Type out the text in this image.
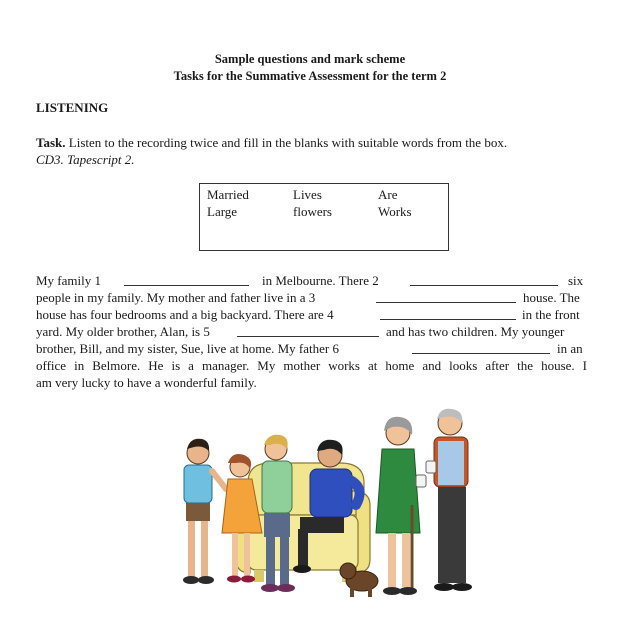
Sample questions and mark scheme
Tasks for the Summative Assessment for the term 2
LISTENING
Task. Listen to the recording twice and fill in the blanks with suitable words from the box.
CD3. Tapescript 2.
Married	Lives	Are
Large	flowers	Works
My family 1	in Melbourne. There 2	six
people in my family. My mother and father live in a 3	house. The
house has four bedrooms and a big backyard. There are 4	in the front
yard. My older brother, Alan, is 5	and has two children. My younger
brother, Bill, and my sister, Sue, live at home. My father 6	in an
office in Belmore. He is a manager. My mother works at home and looks after the house. I
am very lucky to have a wonderful family.
